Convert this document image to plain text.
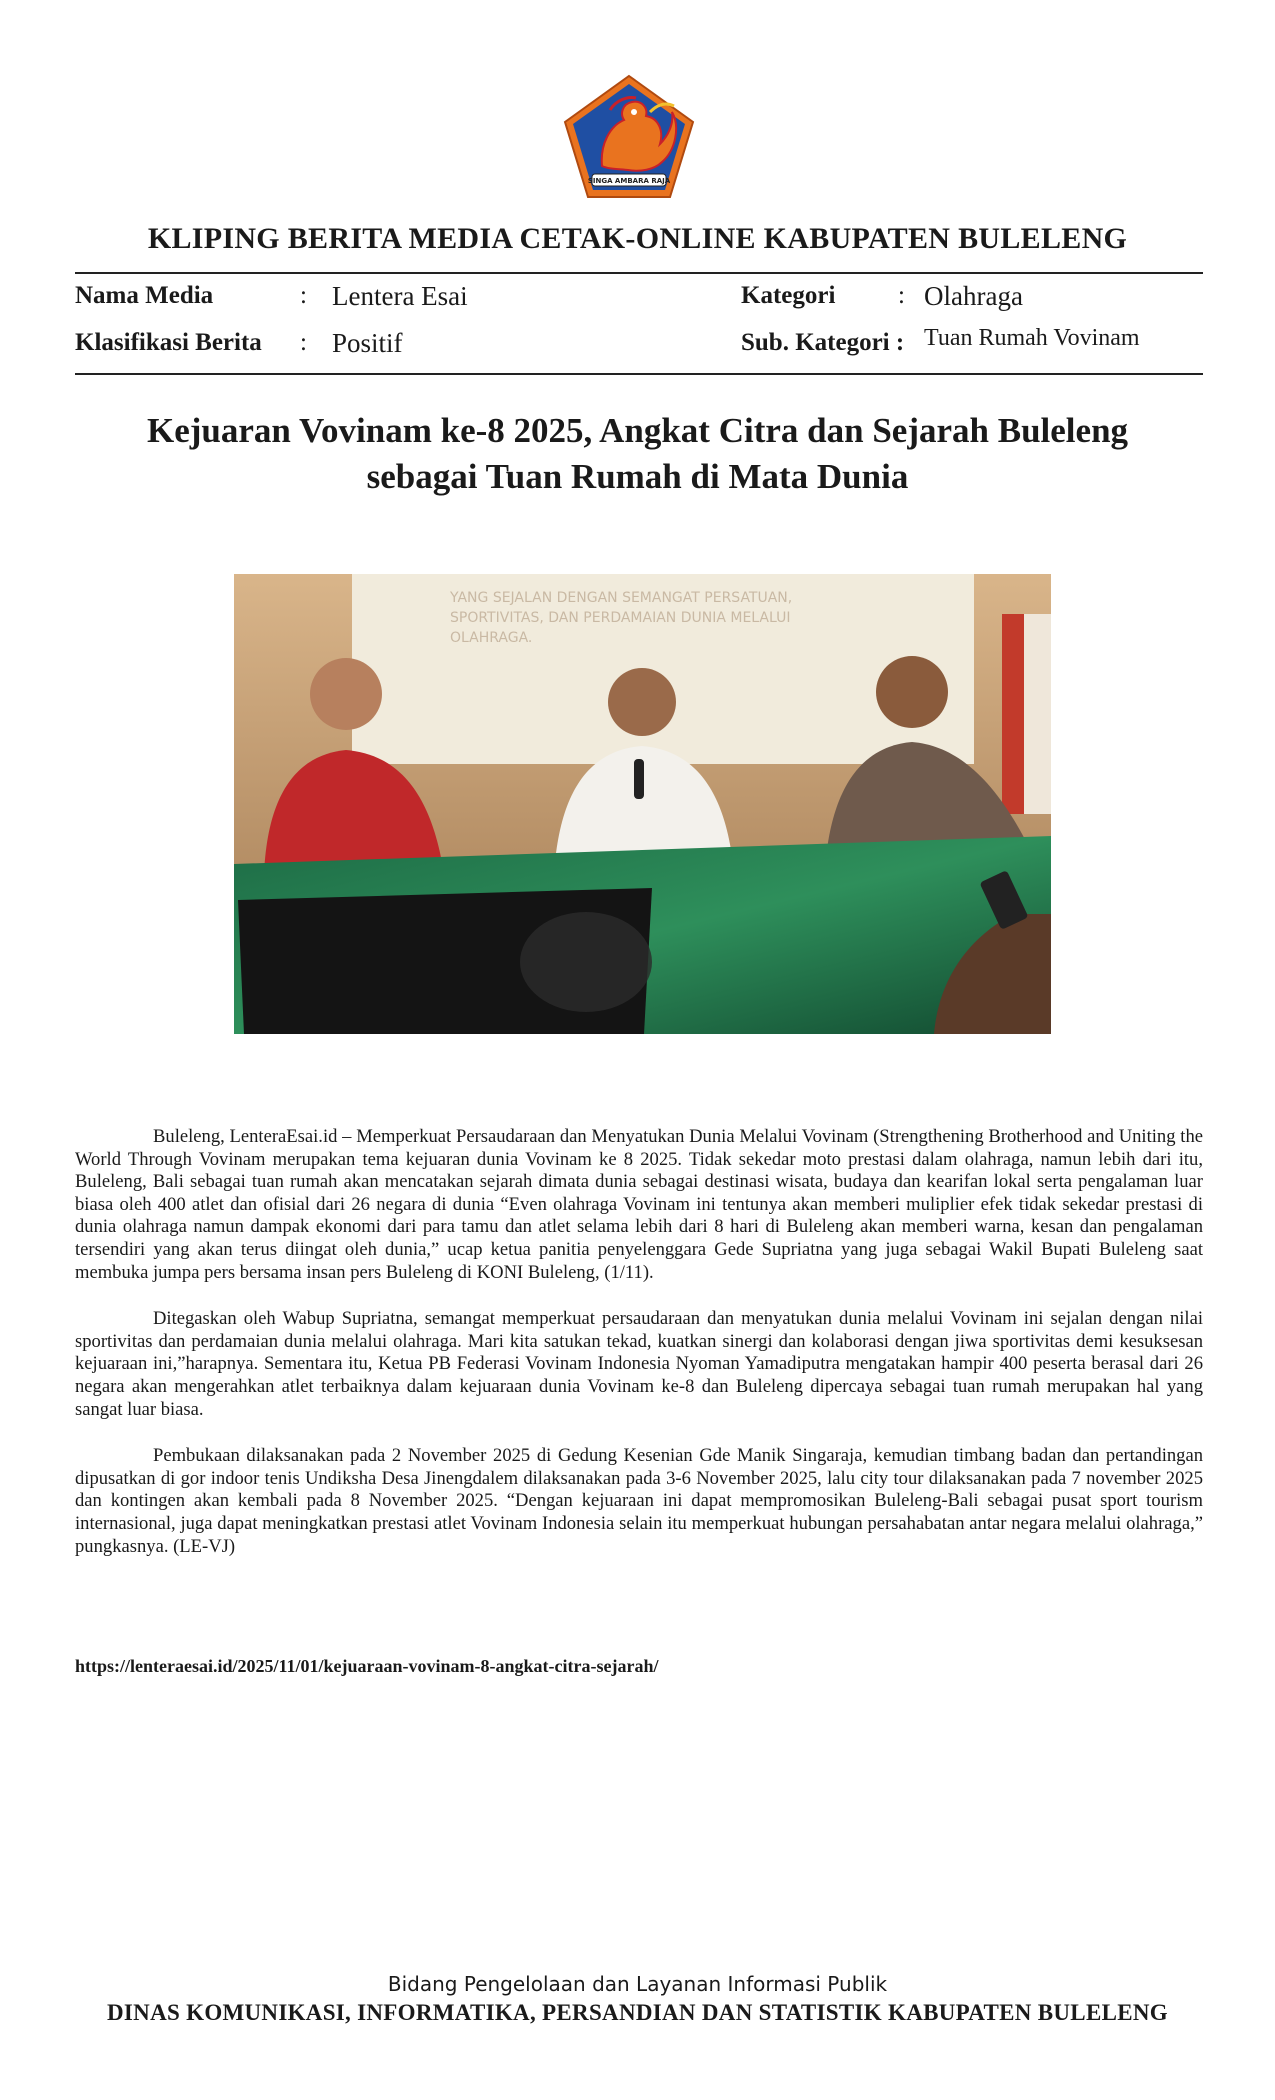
SINGA AMBARA RAJA
KLIPING BERITA MEDIA CETAK-ONLINE KABUPATEN BULELENG
Nama Media	: Lentera Esai
Klasifikasi Berita : Positif
Kategori	: Olahraga
Sub. Kategori : Tuan Rumah Vovinam
Kejuaran Vovinam ke-8 2025, Angkat Citra dan Sejarah Buleleng sebagai Tuan Rumah di Mata Dunia
YANG SEJALAN DENGAN SEMANGAT PERSATUAN,
SPORTIVITAS, DAN PERDAMAIAN DUNIA MELALUI
OLAHRAGA.

Buleleng, LenteraEsai.id – Memperkuat Persaudaraan dan Menyatukan Dunia Melalui Vovinam (Strengthening Brotherhood and Uniting the World Through Vovinam merupakan tema kejuaran dunia Vovinam ke 8 2025. Tidak sekedar moto prestasi dalam olahraga, namun lebih dari itu, Buleleng, Bali sebagai tuan rumah akan mencatakan sejarah dimata dunia sebagai destinasi wisata, budaya dan kearifan lokal serta pengalaman luar biasa oleh 400 atlet dan ofisial dari 26 negara di dunia “Even olahraga Vovinam ini tentunya akan memberi muliplier efek tidak sekedar prestasi di dunia olahraga namun dampak ekonomi dari para tamu dan atlet selama lebih dari 8 hari di Buleleng akan memberi warna, kesan dan pengalaman tersendiri yang akan terus diingat oleh dunia,” ucap ketua panitia penyelenggara Gede Supriatna yang juga sebagai Wakil Bupati Buleleng saat membuka jumpa pers bersama insan pers Buleleng di KONI Buleleng, (1/11).

Ditegaskan oleh Wabup Supriatna, semangat memperkuat persaudaraan dan menyatukan dunia melalui Vovinam ini sejalan dengan nilai sportivitas dan perdamaian dunia melalui olahraga. Mari kita satukan tekad, kuatkan sinergi dan kolaborasi dengan jiwa sportivitas demi kesuksesan kejuaraan ini,”harapnya. Sementara itu, Ketua PB Federasi Vovinam Indonesia Nyoman Yamadiputra mengatakan hampir 400 peserta berasal dari 26 negara akan mengerahkan atlet terbaiknya dalam kejuaraan dunia Vovinam ke-8 dan Buleleng dipercaya sebagai tuan rumah merupakan hal yang sangat luar biasa.

Pembukaan dilaksanakan pada 2 November 2025 di Gedung Kesenian Gde Manik Singaraja, kemudian timbang badan dan pertandingan dipusatkan di gor indoor tenis Undiksha Desa Jinengdalem dilaksanakan pada 3-6 November 2025, lalu city tour dilaksanakan pada 7 november 2025 dan kontingen akan kembali pada 8 November 2025. “Dengan kejuaraan ini dapat mempromosikan Buleleng-Bali sebagai pusat sport tourism internasional, juga dapat meningkatkan prestasi atlet Vovinam Indonesia selain itu memperkuat hubungan persahabatan antar negara melalui olahraga,” pungkasnya. (LE-VJ)

https://lenteraesai.id/2025/11/01/kejuaraan-vovinam-8-angkat-citra-sejarah/
Bidang Pengelolaan dan Layanan Informasi Publik
DINAS KOMUNIKASI, INFORMATIKA, PERSANDIAN DAN STATISTIK KABUPATEN BULELENG
